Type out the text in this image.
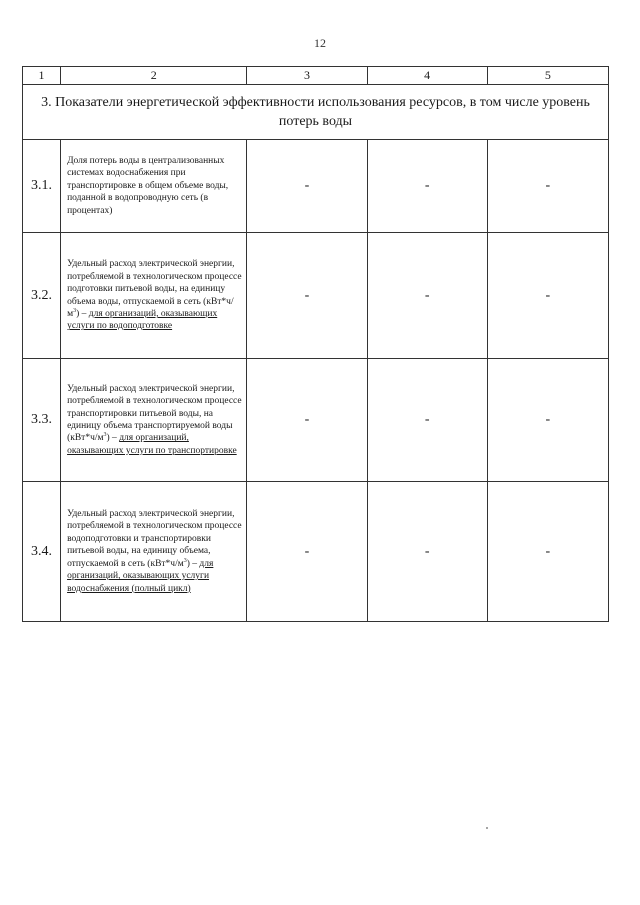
12
1	2	3	4	5
3. Показатели энергетической эффективности использования ресурсов, в том числе уровень потерь воды				
3.1.	Доля потерь воды в централизованных системах водоснабжения при транспортировке в общем объеме воды, поданной в водопроводную сеть (в процентах)	-	-	-
3.2.	Удельный расход электрической энергии, потребляемой в технологическом процессе подготовки питьевой воды, на единицу объема воды, отпускаемой в сеть $(кВт*ч/м^3)$ – для организаций, оказывающих услуги по водоподготовке	-	-	-
3.3.	Удельный расход электрической энергии, потребляемой в технологическом процессе транспортировки питьевой воды, на единицу объема транспортируемой воды $(кВт*ч/м^3)$ – для организаций, оказывающих услуги по транспортировке	-	-	-
3.4.	Удельный расход электрической энергии, потребляемой в технологическом процессе водоподготовки и транспортировки питьевой воды, на единицу объема, отпускаемой в сеть $(кВт*ч/м^3)$ – для организаций, оказывающих услуги водоснабжения (полный цикл)	-	-	-
